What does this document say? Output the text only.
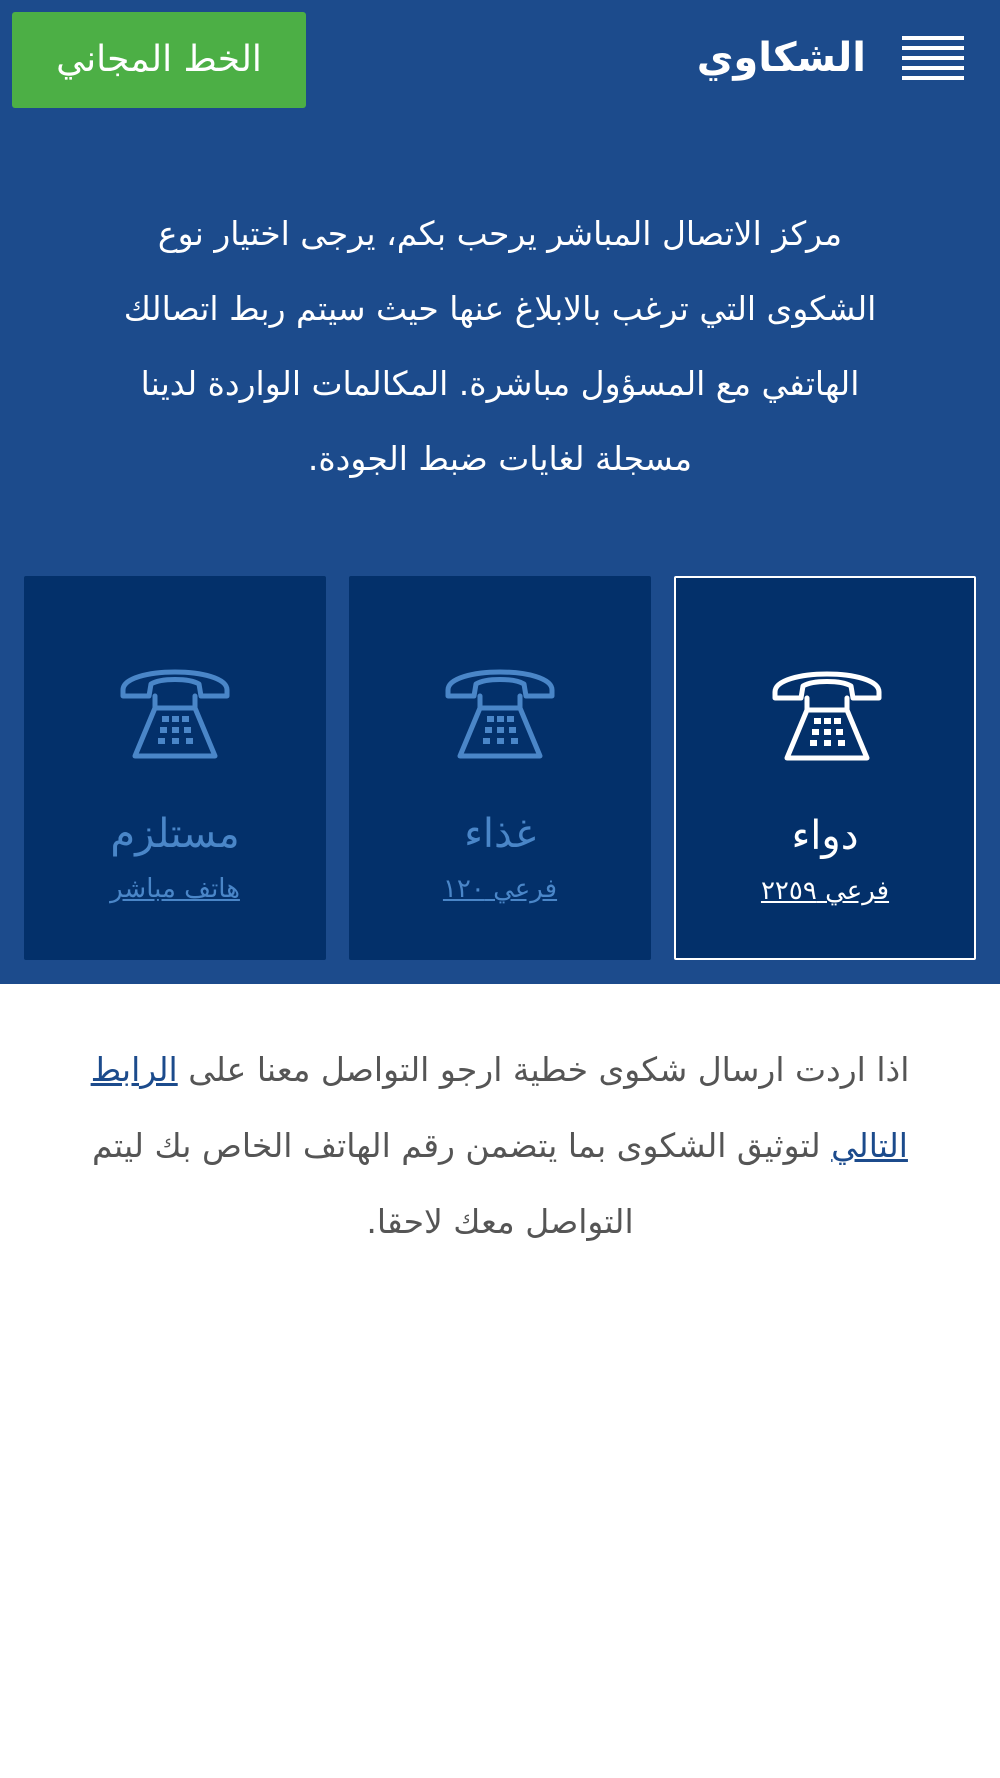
الشكاوي
الخط المجاني

مركز الاتصال المباشر يرحب بكم، يرجى اختيار نوع الشكوى التي ترغب بالابلاغ عنها حيث سيتم ربط اتصالك الهاتفي مع المسؤول مباشرة. المكالمات الواردة لدينا مسجلة لغايات ضبط الجودة.

دواء
فرعي ٢٢٥٩
غذاء
فرعي ١٢٠
مستلزم
هاتف مباشر

اذا اردت ارسال شكوى خطية ارجو التواصل معنا على الرابط التالي لتوثيق الشكوى بما يتضمن رقم الهاتف الخاص بك ليتم التواصل معك لاحقا.
